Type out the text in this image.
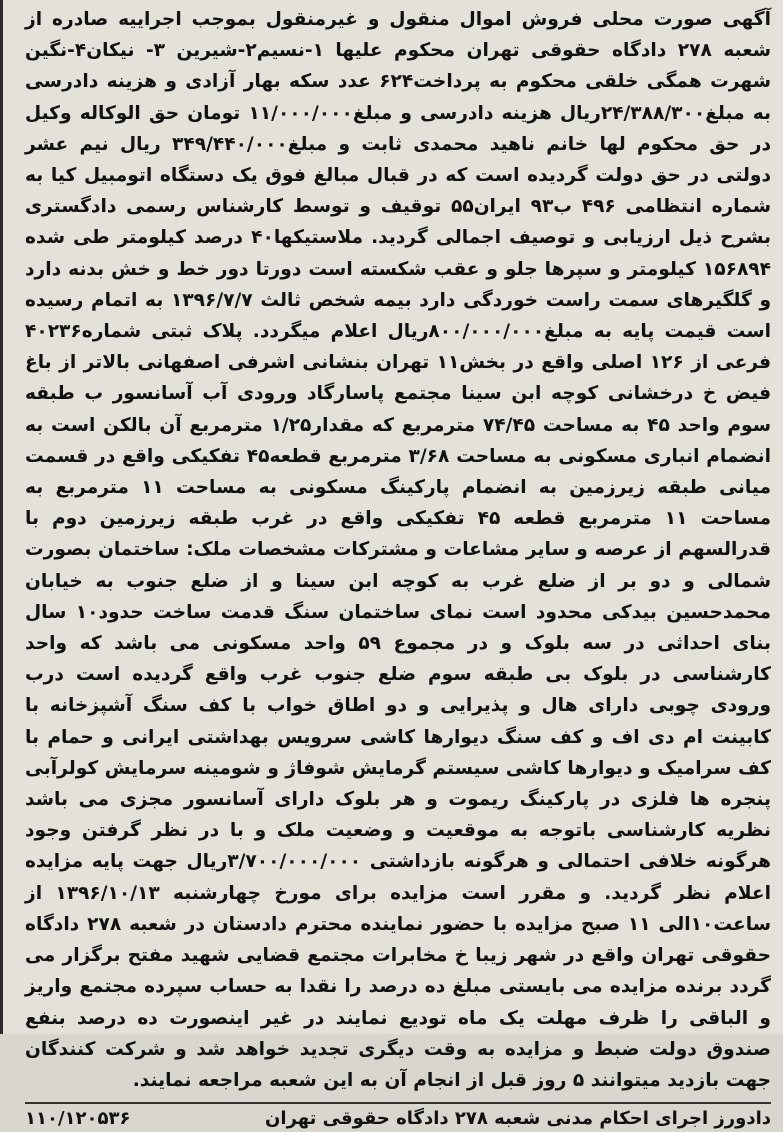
آگهی صورت محلی فروش اموال منقول و غیرمنقول بموجب اجراییه صادره از شعبه ۲۷۸ دادگاه حقوقی تهران محکوم علیها ۱-نسیم۲-شیرین ۳- نیکان۴-نگین شهرت همگی خلقی محکوم به پرداخت۶۲۴ عدد سکه بهار آزادی و هزینه دادرسی به مبلغ۲۴/۳۸۸/۳۰۰ریال هزینه دادرسی و مبلغ۱۱/۰۰۰/۰۰۰ تومان حق الوکاله وکیل در حق محکوم لها خانم ناهید محمدی ثابت و مبلغ۳۴۹/۴۴۰/۰۰۰ ریال نیم عشر دولتی در حق دولت گردیده است که در قبال مبالغ فوق یک دستگاه اتومبیل کیا به شماره انتظامی ۴۹۶ ب۹۳ ایران۵۵ توقیف و توسط کارشناس رسمی دادگستری بشرح ذیل ارزیابی و توصیف اجمالی گردید. ملاستیکها۴۰ درصد کیلومتر طی شده ۱۵۶۸۹۴ کیلومتر و سپرها جلو و عقب شکسته است دورتا دور خط و خش بدنه دارد و گلگیرهای سمت راست خوردگی دارد بیمه شخص ثالث ۱۳۹۶/۷/۷ به اتمام رسیده است قیمت پایه به مبلغ۸۰۰/۰۰۰/۰۰۰ریال اعلام میگردد. پلاک ثبتی شماره۴۰۲۳۶ فرعی از ۱۲۶ اصلی واقع در بخش۱۱ تهران بنشانی اشرفی اصفهانی بالاتر از باغ فیض خ درخشانی کوچه ابن سینا مجتمع پاسارگاد ورودی آب آسانسور ب طبقه سوم واحد ۴۵ به مساحت ۷۴/۴۵ مترمربع که مقدار۱/۲۵ مترمربع آن بالکن است به انضمام انباری مسکونی به مساحت ۳/۶۸ مترمربع قطعه۴۵ تفکیکی واقع در قسمت میانی طبقه زیرزمین به انضمام پارکینگ مسکونی به مساحت ۱۱ مترمربع به مساحت ۱۱ مترمربع قطعه ۴۵ تفکیکی واقع در غرب طبقه زیرزمین دوم با قدرالسهم از عرصه و سایر مشاعات و مشترکات مشخصات ملک: ساختمان بصورت شمالی و دو بر از ضلع غرب به کوچه ابن سینا و از ضلع جنوب به خیابان محمدحسین بیدکی محدود است نمای ساختمان سنگ قدمت ساخت حدود۱۰ سال بنای احداثی در سه بلوک و در مجموع ۵۹ واحد مسکونی می باشد که واحد کارشناسی در بلوک بی طبقه سوم ضلع جنوب غرب واقع گردیده است درب ورودی چوبی دارای هال و پذیرایی و دو اطاق خواب با کف سنگ آشپزخانه با کابینت ام دی اف و کف سنگ دیوارها کاشی سرویس بهداشتی ایرانی و حمام با کف سرامیک و دیوارها کاشی سیستم گرمایش شوفاژ و شومینه سرمایش کولرآبی پنجره ها فلزی در پارکینگ ریموت و هر بلوک دارای آسانسور مجزی می باشد نظریه کارشناسی باتوجه به موقعیت و وضعیت ملک و با در نظر گرفتن وجود هرگونه خلافی احتمالی و هرگونه بازداشتی ۳/۷۰۰/۰۰۰/۰۰۰ریال جهت پایه مزایده اعلام نظر گردید. و مقرر است مزایده برای مورخ چهارشنبه ۱۳۹۶/۱۰/۱۳ از ساعت۱۰الی ۱۱ صبح مزایده با حضور نماینده محترم دادستان در شعبه ۲۷۸ دادگاه حقوقی تهران واقع در شهر زیبا خ مخابرات مجتمع قضایی شهید مفتح برگزار می گردد برنده مزایده می بایستی مبلغ ده درصد را نقدا به حساب سپرده مجتمع واریز و الباقی را ظرف مهلت یک ماه تودیع نمایند در غیر اینصورت ده درصد بنفع صندوق دولت ضبط و مزایده به وقت دیگری تجدید خواهد شد و شرکت کنندگان جهت بازدید میتوانند ۵ روز قبل از انجام آن به این شعبه مراجعه نمایند.

دادورز اجرای احکام مدنی شعبه ۲۷۸ دادگاه حقوقی تهران
۱۱۰/۱۲۰۵۳۶
